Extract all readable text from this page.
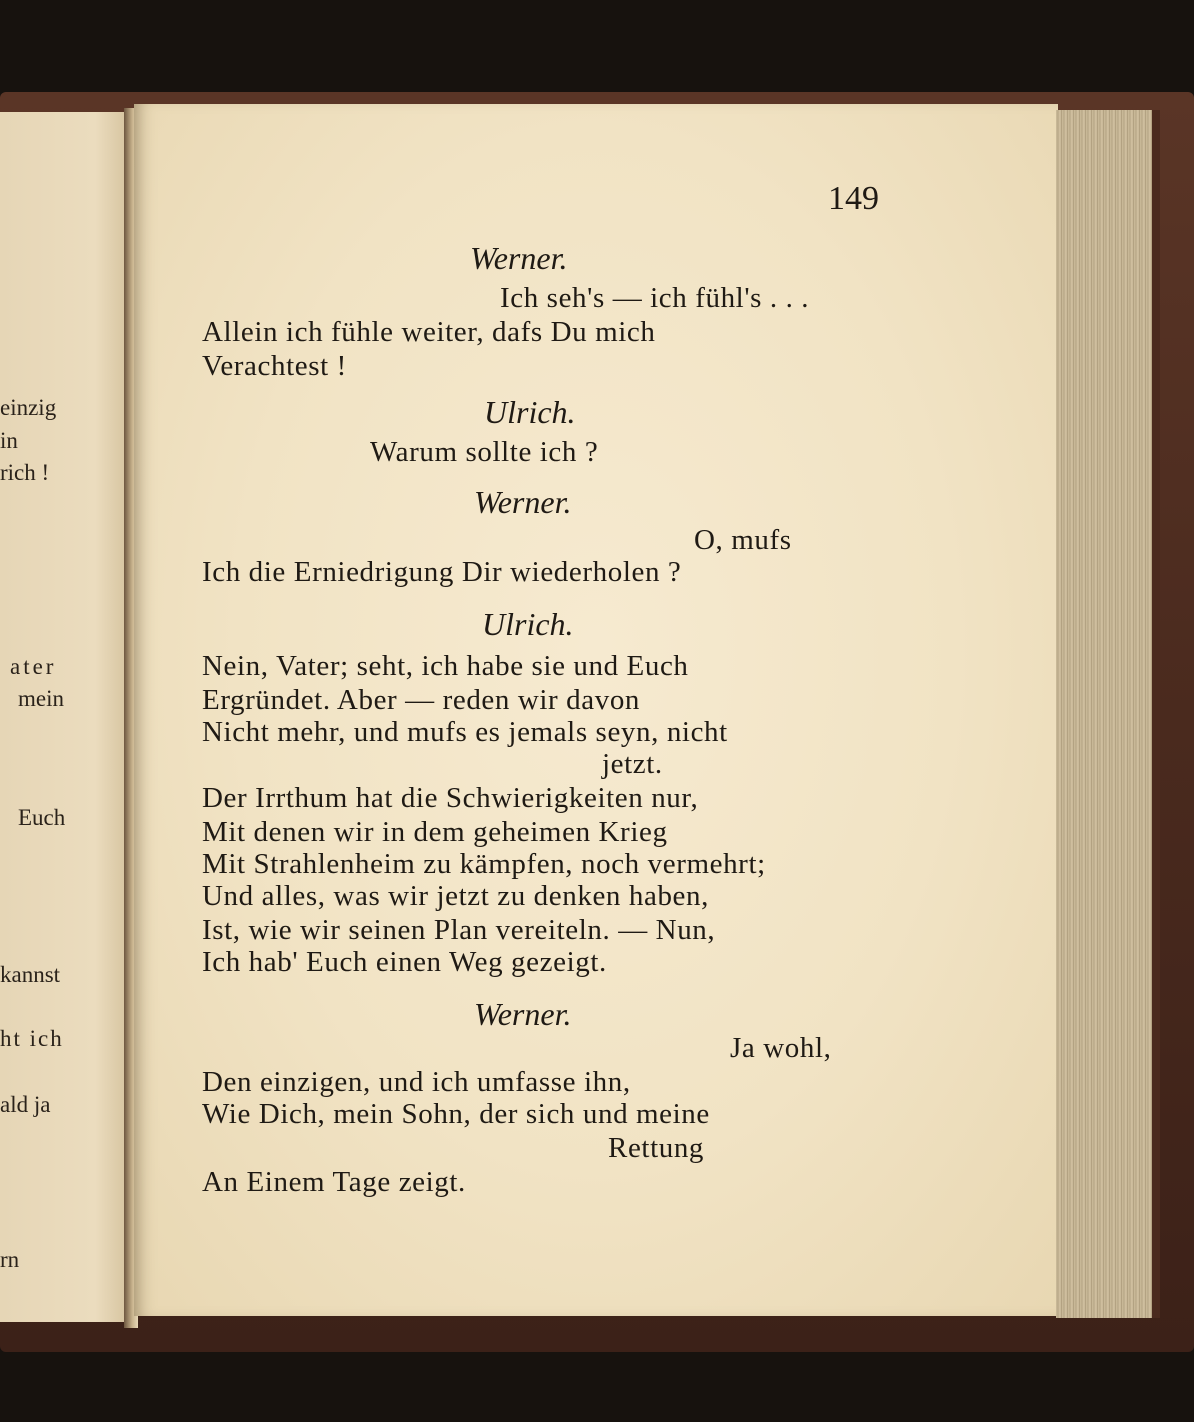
einzig
in
rich !
ater
mein
Euch
kannst
ht ich
ald ja
rn
149
Werner.
Ich seh's — ich fühl's . . .
Allein ich fühle weiter, dafs Du mich
Verachtest !
Ulrich.
Warum sollte ich ?
Werner.
O, mufs
Ich die Erniedrigung Dir wiederholen ?
Ulrich.
Nein, Vater; seht, ich habe sie und Euch
Ergründet. Aber — reden wir davon
Nicht mehr, und mufs es jemals seyn, nicht
jetzt.
Der Irrthum hat die Schwierigkeiten nur,
Mit denen wir in dem geheimen Krieg
Mit Strahlenheim zu kämpfen, noch vermehrt;
Und alles, was wir jetzt zu denken haben,
Ist, wie wir seinen Plan vereiteln. — Nun,
Ich hab' Euch einen Weg gezeigt.
Werner.
Ja wohl,
Den einzigen, und ich umfasse ihn,
Wie Dich, mein Sohn, der sich und meine
Rettung
An Einem Tage zeigt.
